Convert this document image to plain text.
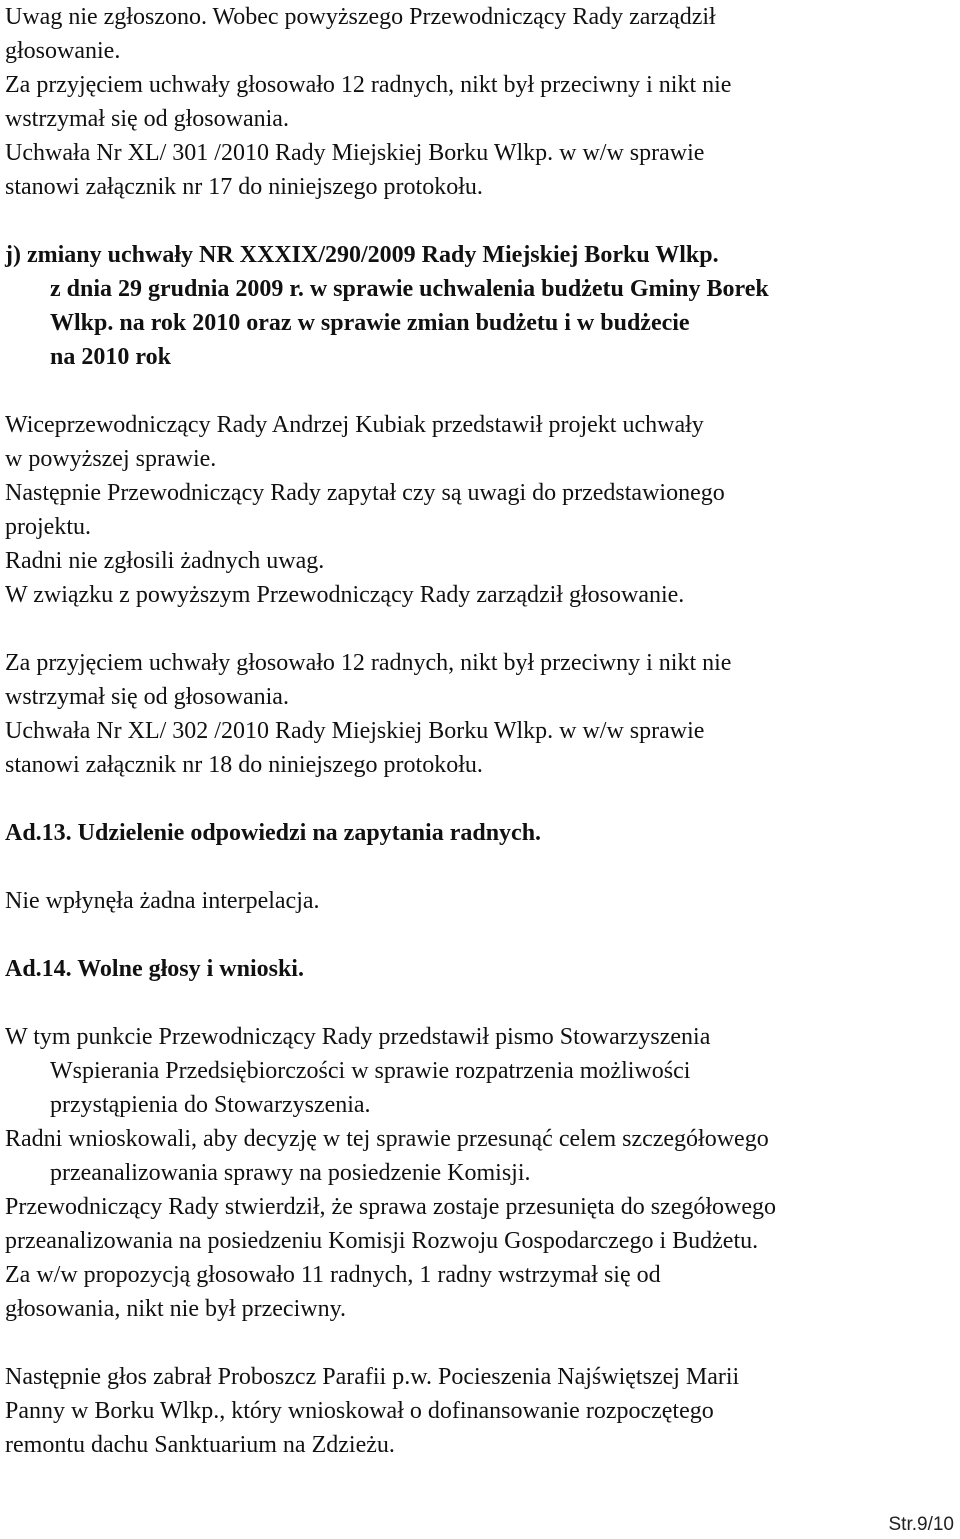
Uwag nie zgłoszono. Wobec powyższego Przewodniczący Rady zarządził
głosowanie.
Za przyjęciem uchwały głosowało 12 radnych, nikt był przeciwny i nikt nie
wstrzymał się od głosowania.
Uchwała Nr XL/ 301 /2010 Rady Miejskiej Borku Wlkp. w w/w sprawie
stanowi załącznik nr 17 do niniejszego protokołu.
j) zmiany uchwały NR XXXIX/290/2009 Rady Miejskiej Borku Wlkp.
z dnia 29 grudnia 2009 r. w sprawie uchwalenia budżetu Gminy Borek
Wlkp. na rok 2010 oraz w sprawie zmian budżetu i w budżecie
na 2010 rok
Wiceprzewodniczący Rady Andrzej Kubiak przedstawił projekt uchwały
w powyższej sprawie.
Następnie Przewodniczący Rady zapytał czy są uwagi do przedstawionego
projektu.
Radni nie zgłosili żadnych uwag.
W związku z powyższym Przewodniczący Rady zarządził głosowanie.
Za przyjęciem uchwały głosowało 12 radnych, nikt był przeciwny i nikt nie
wstrzymał się od głosowania.
Uchwała Nr XL/ 302 /2010 Rady Miejskiej Borku Wlkp. w w/w sprawie
stanowi załącznik nr 18 do niniejszego protokołu.
Ad.13. Udzielenie odpowiedzi na zapytania radnych.
Nie wpłynęła żadna interpelacja.
Ad.14. Wolne głosy i wnioski.
W tym punkcie Przewodniczący Rady przedstawił pismo Stowarzyszenia
Wspierania Przedsiębiorczości w sprawie rozpatrzenia możliwości
przystąpienia do Stowarzyszenia.
Radni wnioskowali, aby decyzję w tej sprawie przesunąć celem szczegółowego
przeanalizowania sprawy na posiedzenie Komisji.
Przewodniczący Rady stwierdził, że sprawa zostaje przesunięta do szegółowego
przeanalizowania na posiedzeniu Komisji Rozwoju Gospodarczego i Budżetu.
Za w/w propozycją głosowało 11 radnych, 1 radny wstrzymał się od
głosowania, nikt nie był przeciwny.
Następnie głos zabrał Proboszcz Parafii p.w. Pocieszenia Najświętszej Marii
Panny w Borku Wlkp., który wnioskował o dofinansowanie rozpoczętego
remontu dachu Sanktuarium na Zdzieżu.
Str.9/10
